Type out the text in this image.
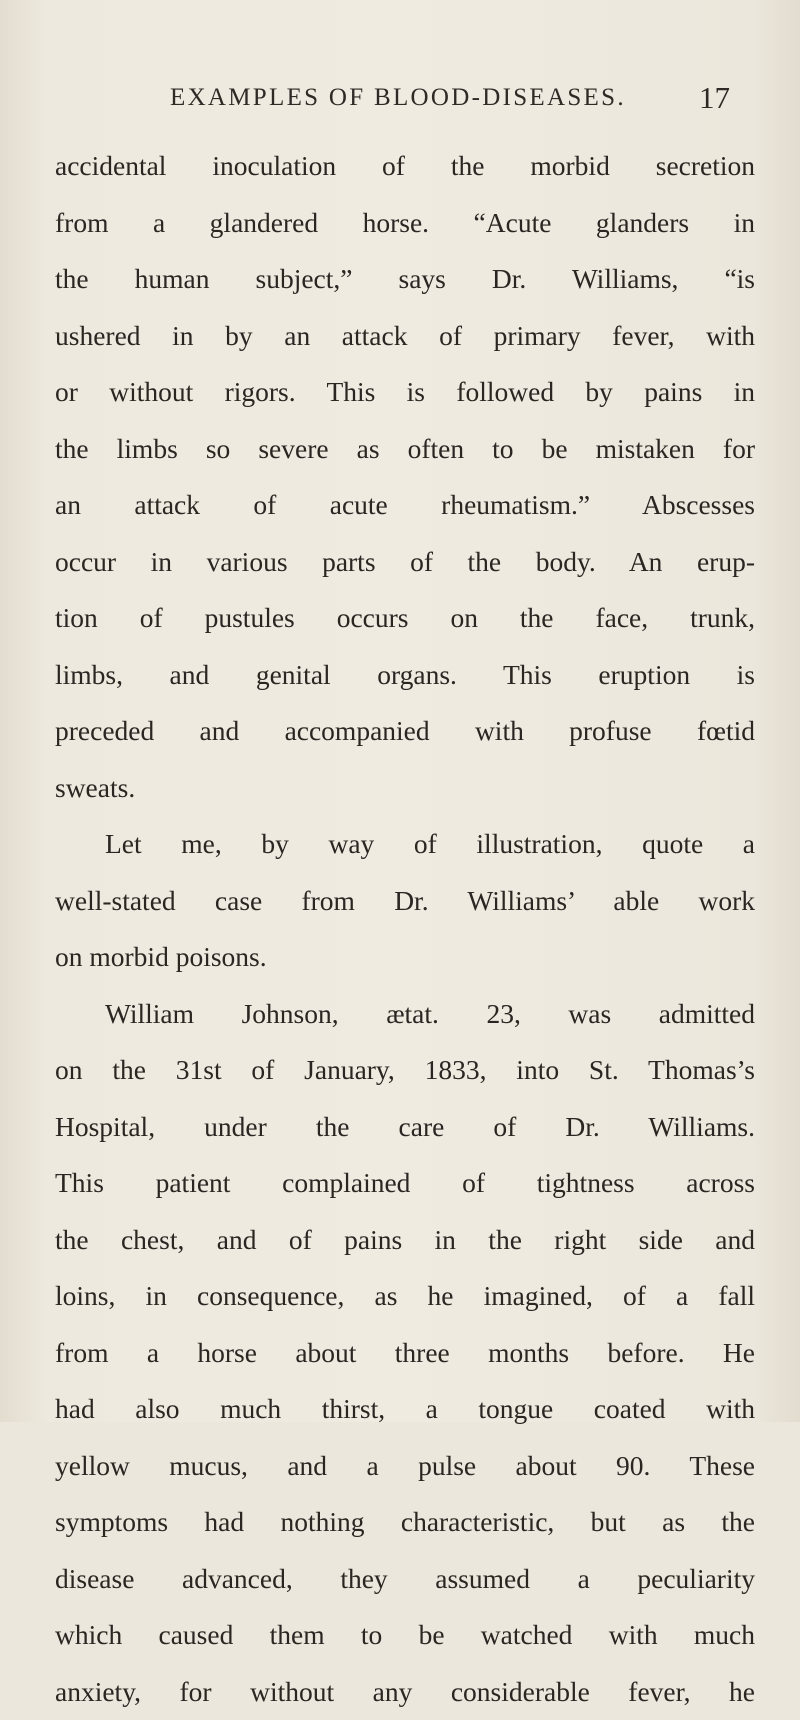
EXAMPLES OF BLOOD-DISEASES. 17
accidental inoculation of the morbid secretion
from a glandered horse. “Acute glanders in
the human subject,” says Dr. Williams, “is
ushered in by an attack of primary fever, with
or without rigors. This is followed by pains in
the limbs so severe as often to be mistaken for
an attack of acute rheumatism.” Abscesses
occur in various parts of the body. An erup-
tion of pustules occurs on the face, trunk,
limbs, and genital organs. This eruption is
preceded and accompanied with profuse fœtid
sweats.
Let me, by way of illustration, quote a
well-stated case from Dr. Williams’ able work
on morbid poisons.
William Johnson, ætat. 23, was admitted
on the 31st of January, 1833, into St. Thomas’s
Hospital, under the care of Dr. Williams.
This patient complained of tightness across
the chest, and of pains in the right side and
loins, in consequence, as he imagined, of a fall
from a horse about three months before. He
had also much thirst, a tongue coated with
yellow mucus, and a pulse about 90. These
symptoms had nothing characteristic, but as the
disease advanced, they assumed a peculiarity
which caused them to be watched with much
anxiety, for without any considerable fever, he
